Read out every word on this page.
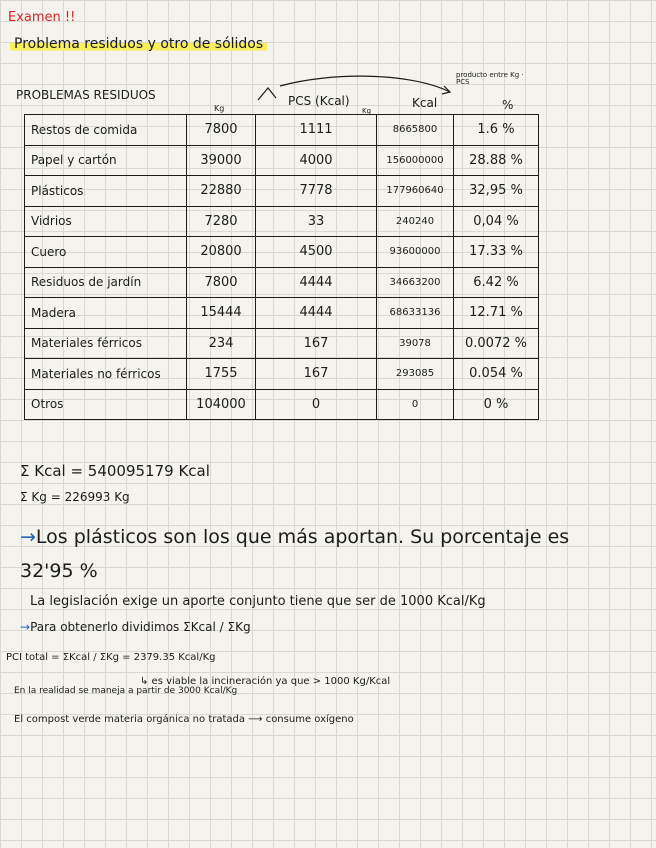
Examen !!
Problema residuos y otro de sólidos
PROBLEMAS RESIDUOS
Kg
PCS (Kcal)
Kg
Kcal	%
producto entre Kg · PCS
Restos de comida	7800	1111	8665800	1.6 %
Papel y cartón	39000	4000	156000000	28.88 %
Plásticos	22880	7778	177960640	32,95 %
Vidrios	7280	33	240240	0,04 %
Cuero	20800	4500	93600000	17.33 %
Residuos de jardín	7800	4444	34663200	6.42 %
Madera	15444	4444	68633136	12.71 %
Materiales férricos	234	167	39078	0.0072 %
Materiales no férricos	1755	167	293085	0.054 %
Otros	104000	0	0	0 %
Σ Kcal = 540095179 Kcal
Σ Kg = 226993 Kg
→Los plásticos son los que más aportan. Su porcentaje es
32'95 %
La legislación exige un aporte conjunto tiene que ser de 1000 Kcal/Kg
→Para obtenerlo dividimos ΣKcal / ΣKg
PCI total = ΣKcal / ΣKg = 2379.35 Kcal/Kg
↳ es viable la incineración ya que > 1000 Kg/Kcal
En la realidad se maneja a partir de 3000 Kcal/Kg
El compost verde materia orgánica no tratada ⟶ consume oxígeno
